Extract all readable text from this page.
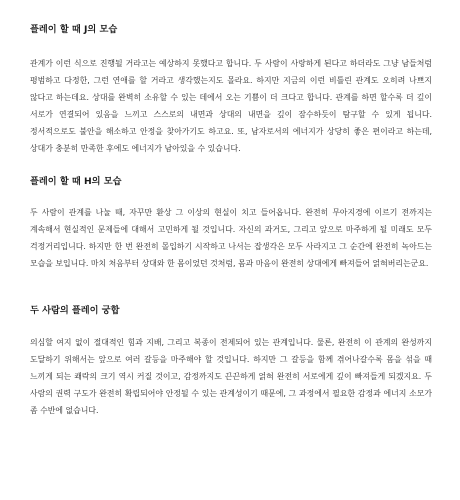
플레이 할 때 J의 모습

관계가 이런 식으로 진행될 거라고는 예상하지 못했다고 합니다. 두 사람이 사랑하게 된다고 하더라도 그냥 남들처럼 평범하고 다정한, 그런 연애를 할 거라고 생각했는지도 몰라요. 하지만 지금의 이런 비틀린 관계도 오히려 나쁘지 않다고 하는데요. 상대를 완벽히 소유할 수 있는 데에서 오는 기쁨이 더 크다고 합니다. 관계를 하면 할수록 더 깊이 서로가 연결되어 있음을 느끼고 스스로의 내면과 상대의 내면을 깊이 잠수하듯이 탐구할 수 있게 됩니다. 정서적으로도 불안을 해소하고 안정을 찾아가기도 하고요. 또, 남자로서의 에너지가 상당히 좋은 편이라고 하는데, 상대가 충분히 만족한 후에도 에너지가 남아있을 수 있습니다.

플레이 할 때 H의 모습

두 사람이 관계를 나눌 때, 자꾸만 환상 그 이상의 현실이 치고 들어옵니다. 완전히 무아지경에 이르기 전까지는 계속해서 현실적인 문제들에 대해서 고민하게 될 것입니다. 자신의 과거도, 그리고 앞으로 마주하게 될 미래도 모두 걱정거리입니다. 하지만 한 번 완전히 몰입하기 시작하고 나서는 잡생각은 모두 사라지고 그 순간에 완전히 녹아드는 모습을 보입니다. 마치 처음부터 상대와 한 몸이었던 것처럼, 몸과 마음이 완전히 상대에게 빠져들어 얽혀버리는군요.

두 사람의 플레이 궁합

의심할 여지 없이 절대적인 힘과 지배, 그리고 복종이 전제되어 있는 관계입니다. 물론, 완전히 이 관계의 완성까지 도달하기 위해서는 앞으로 여러 갈등을 마주해야 할 것입니다. 하지만 그 갈등을 함께 겪어나갈수록 몸을 섞을 때 느끼게 되는 쾌락의 크기 역시 커질 것이고, 감정까지도 끈끈하게 얽혀 완전히 서로에게 깊이 빠져들게 되겠지요. 두 사람의 권력 구도가 완전히 확립되어야 안정될 수 있는 관계성이기 때문에, 그 과정에서 필요한 감정과 에너지 소모가 좀 수반에 없습니다.
